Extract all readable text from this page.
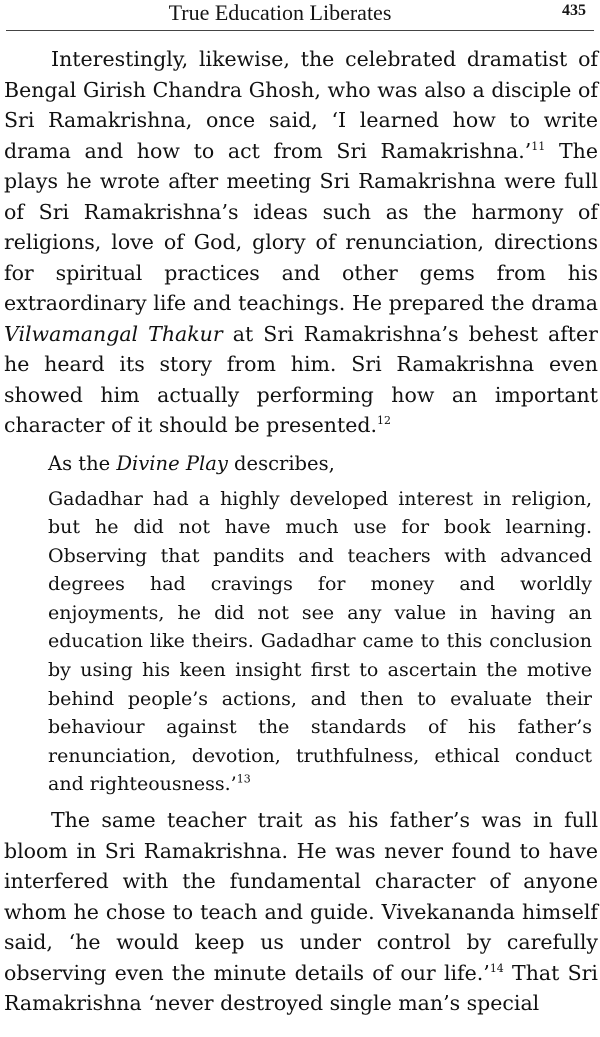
True Education Liberates	435

Interestingly, likewise, the celebrated dramatist of Bengal Girish Chandra Ghosh, who was also a disciple of Sri Ramakrishna, once said, ‘I learned how to write drama and how to act from Sri Ramakrishna.’$^{11}$ The plays he wrote after meeting Sri Ramakrishna were full of Sri Ramakrishna’s ideas such as the harmony of religions, love of God, glory of renunciation, directions for spiritual practices and other gems from his extraordinary life and teachings. He prepared the drama Vilwamangal Thakur at Sri Ramakrishna’s behest after he heard its story from him. Sri Ramakrishna even showed him actually performing how an important character of it should be presented.$^{12}$

As the Divine Play describes,

Gadadhar had a highly developed interest in religion, but he did not have much use for book learning. Observing that pandits and teachers with advanced degrees had cravings for money and worldly enjoyments, he did not see any value in having an education like theirs. Gadadhar came to this conclusion by using his keen insight first to ascertain the motive behind people’s actions, and then to evaluate their behaviour against the standards of his father’s renunciation, devotion, truthfulness, ethical conduct and righteousness.’$^{13}$

The same teacher trait as his father’s was in full bloom in Sri Ramakrishna. He was never found to have interfered with the fundamental character of anyone whom he chose to teach and guide. Vivekananda himself said, ‘he would keep us under control by carefully observing even the minute details of our life.’$^{14}$ That Sri Ramakrishna ‘never destroyed single man’s special
